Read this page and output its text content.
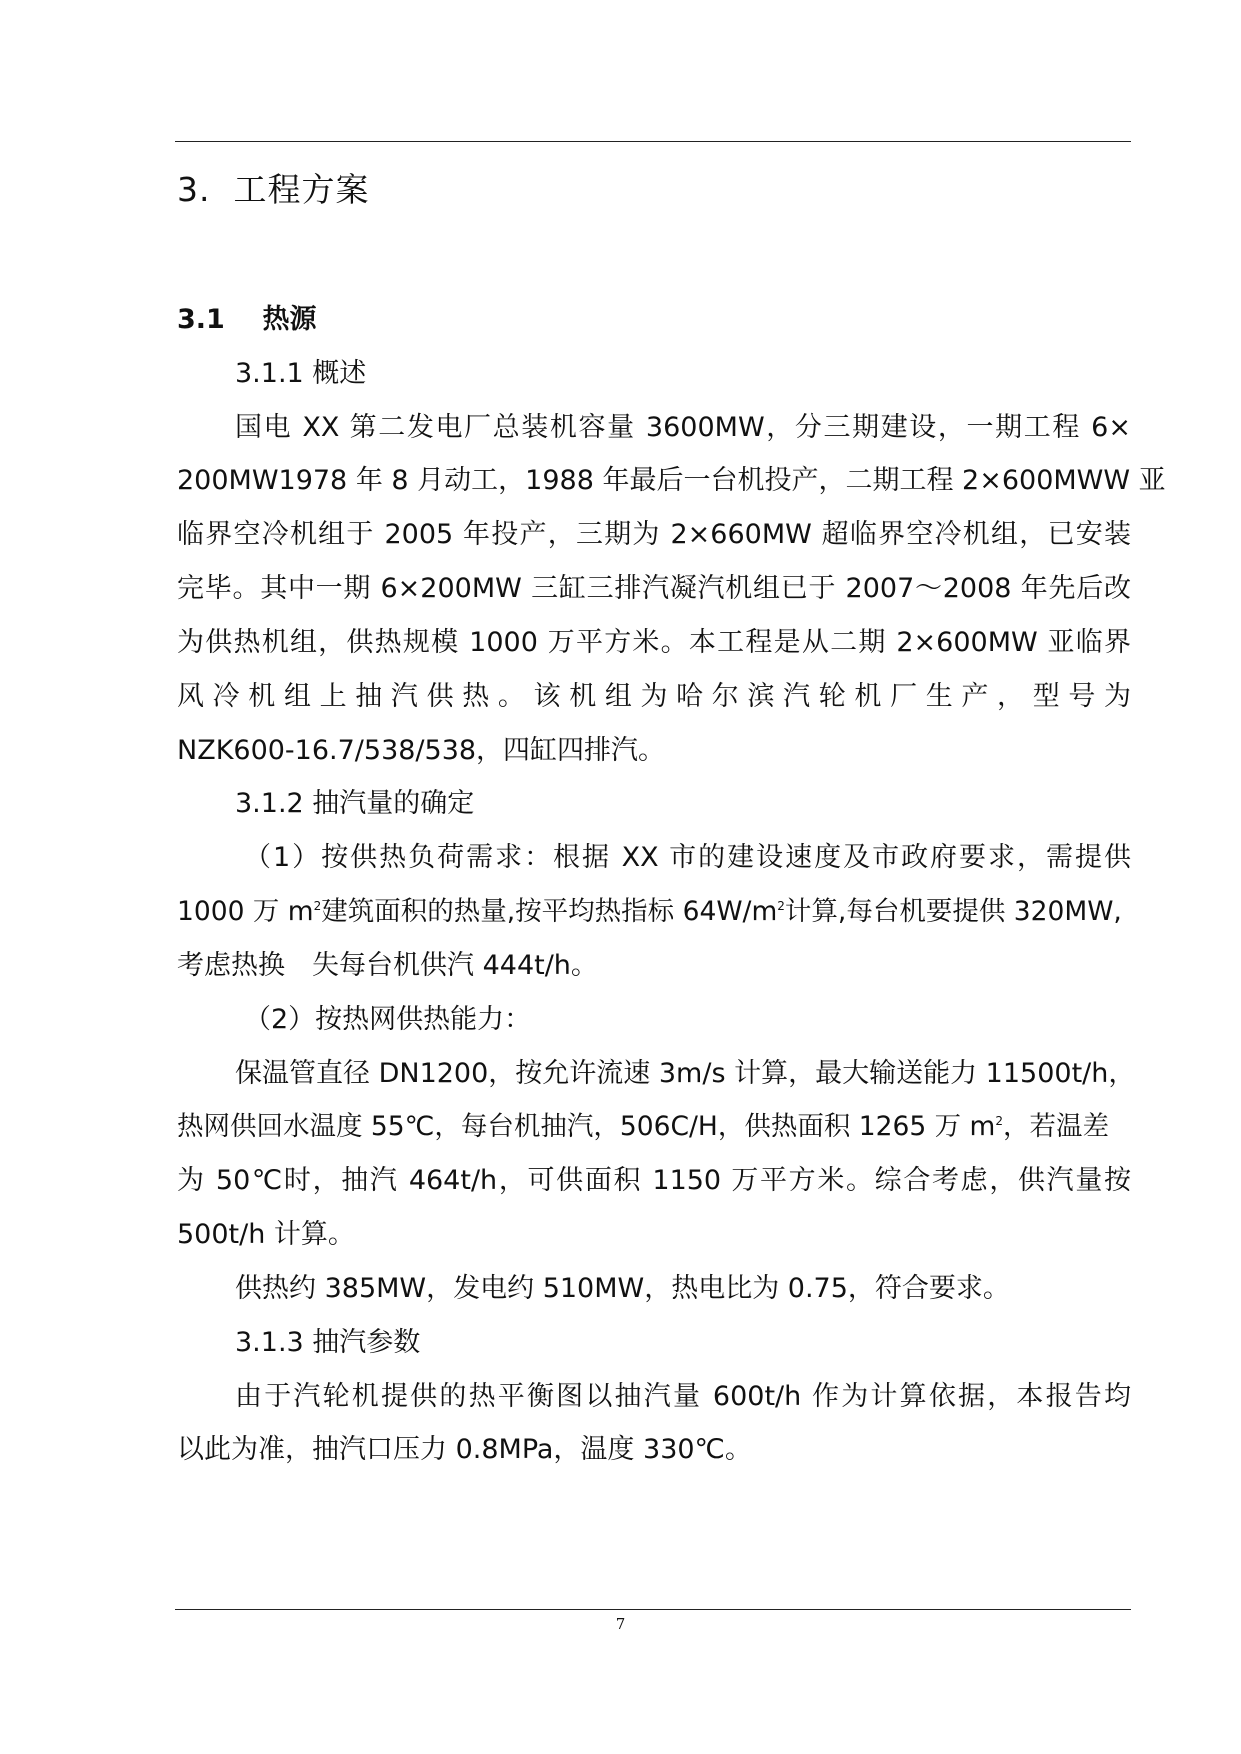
3. 工程方案
3.1 热源
3.1.1 概述
国电 XX 第二发电厂总装机容量 3600MW，分三期建设，一期工程 6×
200MW1978 年 8 月动工，1988 年最后一台机投产，二期工程 2×600MWW 亚
临界空冷机组于 2005 年投产，三期为 2×660MW 超临界空冷机组，已安装
完毕。其中一期 6×200MW 三缸三排汽凝汽机组已于 2007～2008 年先后改
为供热机组，供热规模 1000 万平方米。本工程是从二期 2×600MW 亚临界
风冷机组上抽汽供热。该机组为哈尔滨汽轮机厂生产，型号为
NZK600-16.7/538/538，四缸四排汽。
3.1.2 抽汽量的确定
（1）按供热负荷需求：根据 XX 市的建设速度及市政府要求，需提供
1000 万 $m^2$建筑面积的热量,按平均热指标 $64W/m^2$计算,每台机要提供 320MW,
考虑热换　失每台机供汽 444t/h。
（2）按热网供热能力：
保温管直径 DN1200，按允许流速 3m/s 计算，最大输送能力 11500t/h，
热网供回水温度 55℃，每台机抽汽，506C/H，供热面积 1265 万 $m^2$，若温差
为 50℃时，抽汽 464t/h，可供面积 1150 万平方米。综合考虑，供汽量按
500t/h 计算。
供热约 385MW，发电约 510MW，热电比为 0.75，符合要求。
3.1.3 抽汽参数
由于汽轮机提供的热平衡图以抽汽量 600t/h 作为计算依据，本报告均
以此为准，抽汽口压力 0.8MPa，温度 330℃。
7
